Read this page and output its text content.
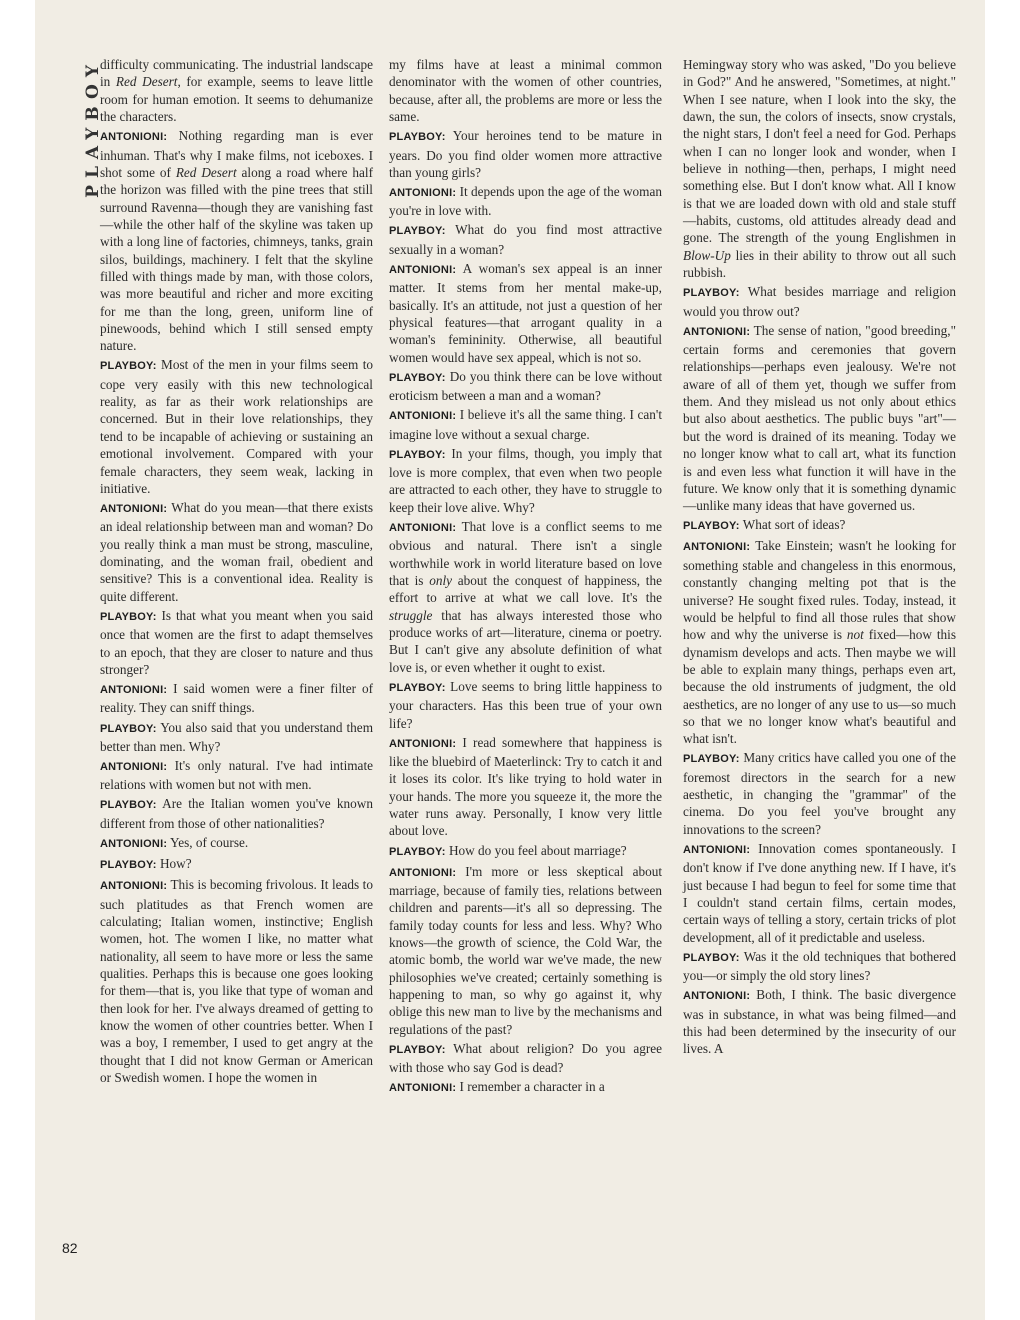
PLAYBOY

difficulty communicating. The industrial landscape in Red Desert, for example, seems to leave little room for human emotion. It seems to dehumanize the characters.

ANTONIONI: Nothing regarding man is ever inhuman. That's why I make films, not iceboxes. I shot some of Red Desert along a road where half the horizon was filled with the pine trees that still surround Ravenna—though they are vanishing fast—while the other half of the skyline was taken up with a long line of factories, chimneys, tanks, grain silos, buildings, machinery. I felt that the skyline filled with things made by man, with those colors, was more beautiful and richer and more exciting for me than the long, green, uniform line of pinewoods, behind which I still sensed empty nature.

PLAYBOY: Most of the men in your films seem to cope very easily with this new technological reality, as far as their work relationships are concerned. But in their love relationships, they tend to be incapable of achieving or sustaining an emotional involvement. Compared with your female characters, they seem weak, lacking in initiative.

ANTONIONI: What do you mean—that there exists an ideal relationship between man and woman? Do you really think a man must be strong, masculine, dominating, and the woman frail, obedient and sensitive? This is a conventional idea. Reality is quite different.

PLAYBOY: Is that what you meant when you said once that women are the first to adapt themselves to an epoch, that they are closer to nature and thus stronger?

ANTONIONI: I said women were a finer filter of reality. They can sniff things.

PLAYBOY: You also said that you understand them better than men. Why?

ANTONIONI: It's only natural. I've had intimate relations with women but not with men.

PLAYBOY: Are the Italian women you've known different from those of other nationalities?

ANTONIONI: Yes, of course.

PLAYBOY: How?

ANTONIONI: This is becoming frivolous. It leads to such platitudes as that French women are calculating; Italian women, instinctive; English women, hot. The women I like, no matter what nationality, all seem to have more or less the same qualities. Perhaps this is because one goes looking for them—that is, you like that type of woman and then look for her. I've always dreamed of getting to know the women of other countries better. When I was a boy, I remember, I used to get angry at the thought that I did not know German or American or Swedish women. I hope the women in

my films have at least a minimal common denominator with the women of other countries, because, after all, the problems are more or less the same.

PLAYBOY: Your heroines tend to be mature in years. Do you find older women more attractive than young girls?

ANTONIONI: It depends upon the age of the woman you're in love with.

PLAYBOY: What do you find most attractive sexually in a woman?

ANTONIONI: A woman's sex appeal is an inner matter. It stems from her mental make-up, basically. It's an attitude, not just a question of her physical features—that arrogant quality in a woman's femininity. Otherwise, all beautiful women would have sex appeal, which is not so.

PLAYBOY: Do you think there can be love without eroticism between a man and a woman?

ANTONIONI: I believe it's all the same thing. I can't imagine love without a sexual charge.

PLAYBOY: In your films, though, you imply that love is more complex, that even when two people are attracted to each other, they have to struggle to keep their love alive. Why?

ANTONIONI: That love is a conflict seems to me obvious and natural. There isn't a single worthwhile work in world literature based on love that is only about the conquest of happiness, the effort to arrive at what we call love. It's the struggle that has always interested those who produce works of art—literature, cinema or poetry. But I can't give any absolute definition of what love is, or even whether it ought to exist.

PLAYBOY: Love seems to bring little happiness to your characters. Has this been true of your own life?

ANTONIONI: I read somewhere that happiness is like the bluebird of Maeterlinck: Try to catch it and it loses its color. It's like trying to hold water in your hands. The more you squeeze it, the more the water runs away. Personally, I know very little about love.

PLAYBOY: How do you feel about marriage?

ANTONIONI: I'm more or less skeptical about marriage, because of family ties, relations between children and parents—it's all so depressing. The family today counts for less and less. Why? Who knows—the growth of science, the Cold War, the atomic bomb, the world war we've made, the new philosophies we've created; certainly something is happening to man, so why go against it, why oblige this new man to live by the mechanisms and regulations of the past?

PLAYBOY: What about religion? Do you agree with those who say God is dead?

ANTONIONI: I remember a character in a

Hemingway story who was asked, "Do you believe in God?" And he answered, "Sometimes, at night." When I see nature, when I look into the sky, the dawn, the sun, the colors of insects, snow crystals, the night stars, I don't feel a need for God. Perhaps when I can no longer look and wonder, when I believe in nothing—then, perhaps, I might need something else. But I don't know what. All I know is that we are loaded down with old and stale stuff—habits, customs, old attitudes already dead and gone. The strength of the young Englishmen in Blow-Up lies in their ability to throw out all such rubbish.

PLAYBOY: What besides marriage and religion would you throw out?

ANTONIONI: The sense of nation, "good breeding," certain forms and ceremonies that govern relationships—perhaps even jealousy. We're not aware of all of them yet, though we suffer from them. And they mislead us not only about ethics but also about aesthetics. The public buys "art"—but the word is drained of its meaning. Today we no longer know what to call art, what its function is and even less what function it will have in the future. We know only that it is something dynamic—unlike many ideas that have governed us.

PLAYBOY: What sort of ideas?

ANTONIONI: Take Einstein; wasn't he looking for something stable and changeless in this enormous, constantly changing melting pot that is the universe? He sought fixed rules. Today, instead, it would be helpful to find all those rules that show how and why the universe is not fixed—how this dynamism develops and acts. Then maybe we will be able to explain many things, perhaps even art, because the old instruments of judgment, the old aesthetics, are no longer of any use to us—so much so that we no longer know what's beautiful and what isn't.

PLAYBOY: Many critics have called you one of the foremost directors in the search for a new aesthetic, in changing the "grammar" of the cinema. Do you feel you've brought any innovations to the screen?

ANTONIONI: Innovation comes spontaneously. I don't know if I've done anything new. If I have, it's just because I had begun to feel for some time that I couldn't stand certain films, certain modes, certain ways of telling a story, certain tricks of plot development, all of it predictable and useless.

PLAYBOY: Was it the old techniques that bothered you—or simply the old story lines?

ANTONIONI: Both, I think. The basic divergence was in substance, in what was being filmed—and this had been determined by the insecurity of our lives. A

82
